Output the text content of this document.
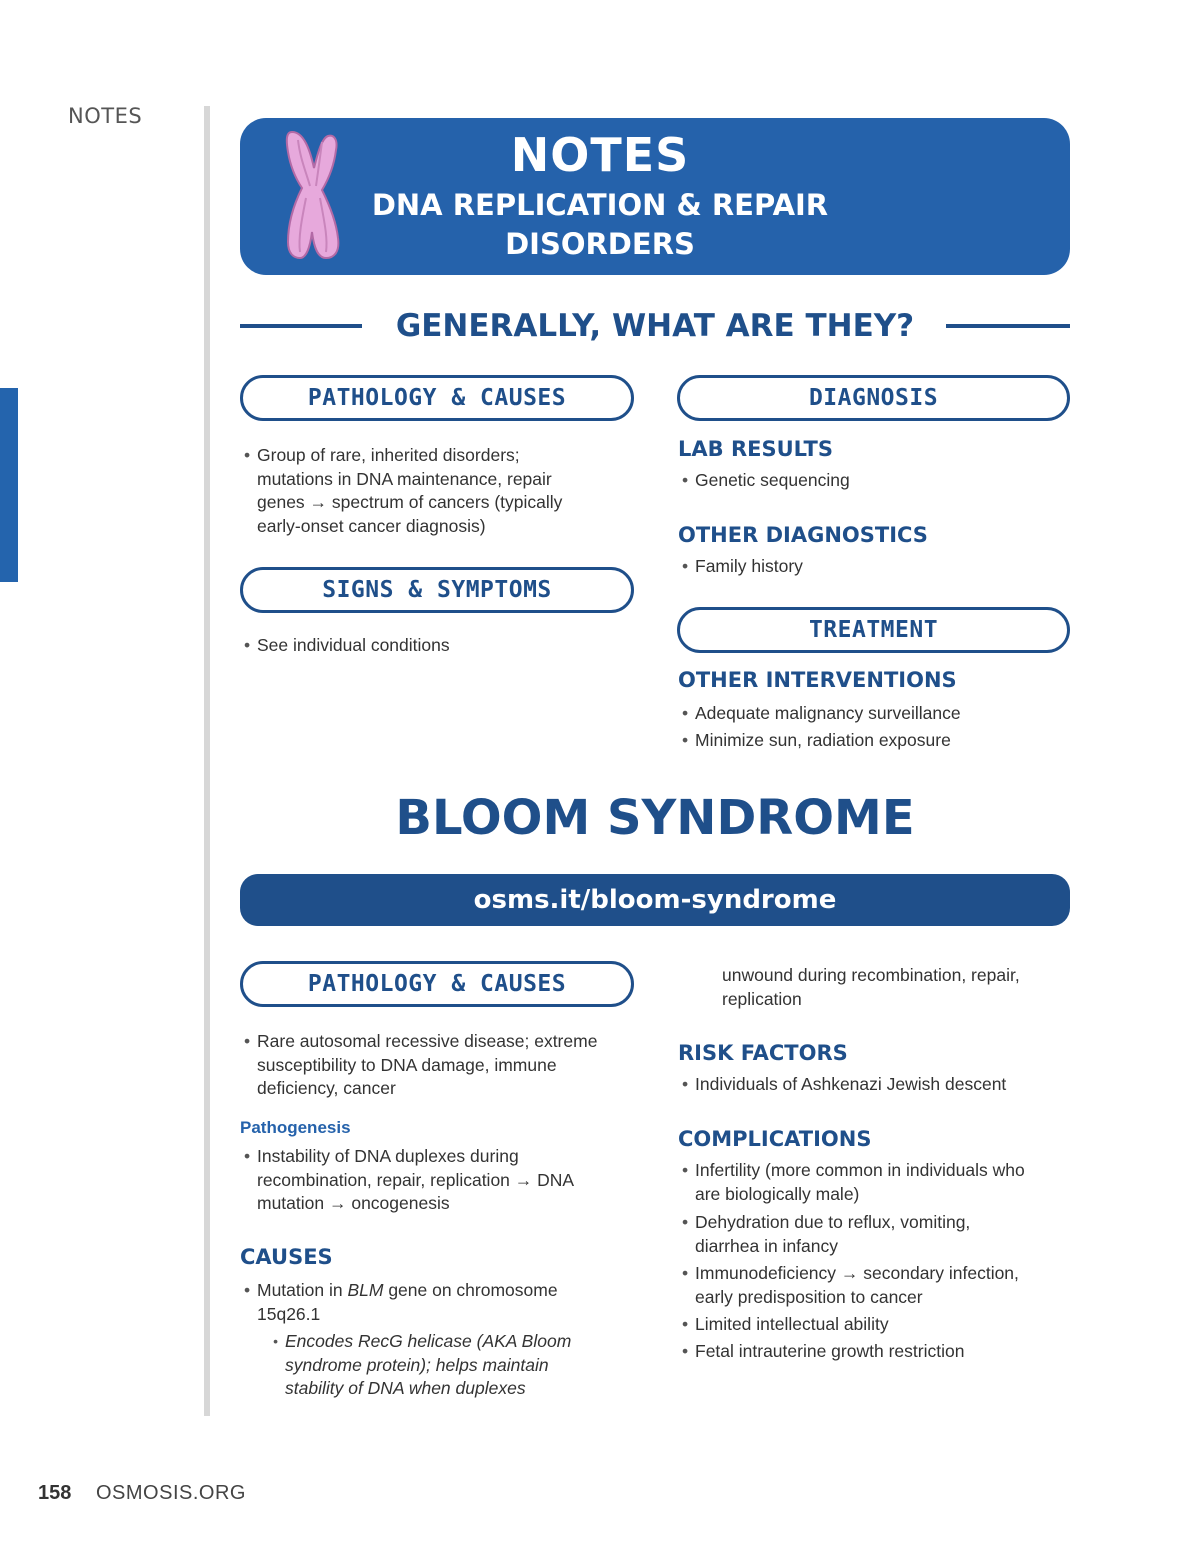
NOTES
NOTES
DNA REPLICATION & REPAIR
DISORDERS
GENERALLY, WHAT ARE THEY?
PATHOLOGY & CAUSES
• Group of rare, inherited disorders;
mutations in DNA maintenance, repair
genes → spectrum of cancers (typically
early-onset cancer diagnosis)
SIGNS & SYMPTOMS
• See individual conditions
DIAGNOSIS
LAB RESULTS
• Genetic sequencing
OTHER DIAGNOSTICS
• Family history
TREATMENT
OTHER INTERVENTIONS
• Adequate malignancy surveillance
• Minimize sun, radiation exposure
BLOOM SYNDROME
osms.it/bloom-syndrome
PATHOLOGY & CAUSES
• Rare autosomal recessive disease; extreme
susceptibility to DNA damage, immune
deficiency, cancer
Pathogenesis
• Instability of DNA duplexes during
recombination, repair, replication → DNA
mutation → oncogenesis
CAUSES
• Mutation in BLM gene on chromosome
15q26.1
• Encodes RecG helicase (AKA Bloom
syndrome protein); helps maintain
stability of DNA when duplexes
unwound during recombination, repair,
replication
RISK FACTORS
• Individuals of Ashkenazi Jewish descent
COMPLICATIONS
• Infertility (more common in individuals who
are biologically male)
• Dehydration due to reflux, vomiting,
diarrhea in infancy
• Immunodeficiency → secondary infection,
early predisposition to cancer
• Limited intellectual ability
• Fetal intrauterine growth restriction
158 OSMOSIS.ORG
